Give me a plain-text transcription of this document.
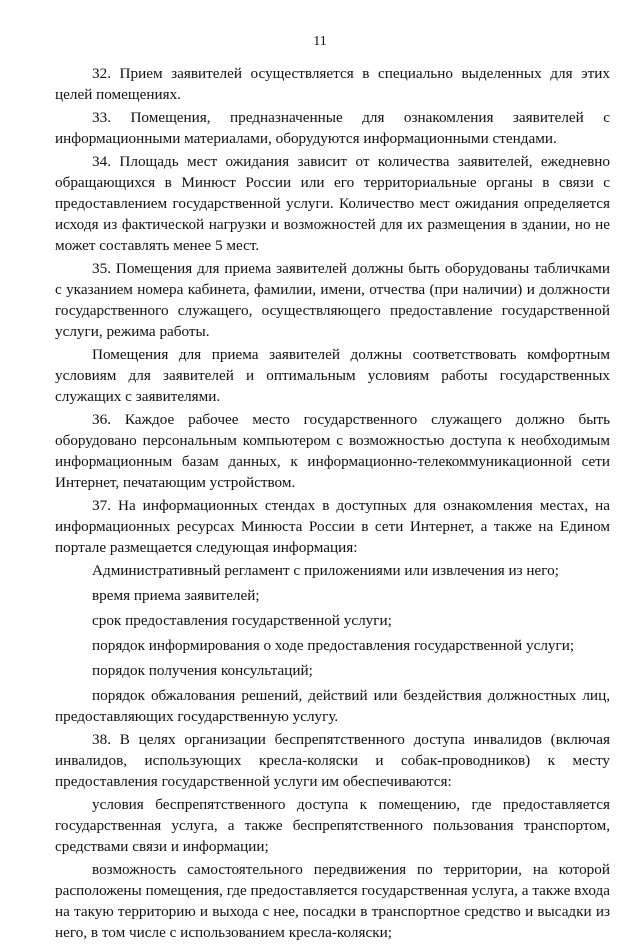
11

32. Прием заявителей осуществляется в специально выделенных для этих целей помещениях.

33. Помещения, предназначенные для ознакомления заявителей с информационными материалами, оборудуются информационными стендами.

34. Площадь мест ожидания зависит от количества заявителей, ежедневно обращающихся в Минюст России или его территориальные органы в связи с предоставлением государственной услуги. Количество мест ожидания определяется исходя из фактической нагрузки и возможностей для их размещения в здании, но не может составлять менее 5 мест.

35. Помещения для приема заявителей должны быть оборудованы табличками с указанием номера кабинета, фамилии, имени, отчества (при наличии) и должности государственного служащего, осуществляющего предоставление государственной услуги, режима работы.

Помещения для приема заявителей должны соответствовать комфортным условиям для заявителей и оптимальным условиям работы государственных служащих с заявителями.

36. Каждое рабочее место государственного служащего должно быть оборудовано персональным компьютером с возможностью доступа к необходимым информационным базам данных, к информационно-телекоммуникационной сети Интернет, печатающим устройством.

37. На информационных стендах в доступных для ознакомления местах, на информационных ресурсах Минюста России в сети Интернет, а также на Едином портале размещается следующая информация:

Административный регламент с приложениями или извлечения из него;

время приема заявителей;

срок предоставления государственной услуги;

порядок информирования о ходе предоставления государственной услуги;

порядок получения консультаций;

порядок обжалования решений, действий или бездействия должностных лиц, предоставляющих государственную услугу.

38. В целях организации беспрепятственного доступа инвалидов (включая инвалидов, использующих кресла-коляски и собак-проводников) к месту предоставления государственной услуги им обеспечиваются:

условия беспрепятственного доступа к помещению, где предоставляется государственная услуга, а также беспрепятственного пользования транспортом, средствами связи и информации;

возможность самостоятельного передвижения по территории, на которой расположены помещения, где предоставляется государственная услуга, а также входа на такую территорию и выхода с нее, посадки в транспортное средство и высадки из него, в том числе с использованием кресла-коляски;
